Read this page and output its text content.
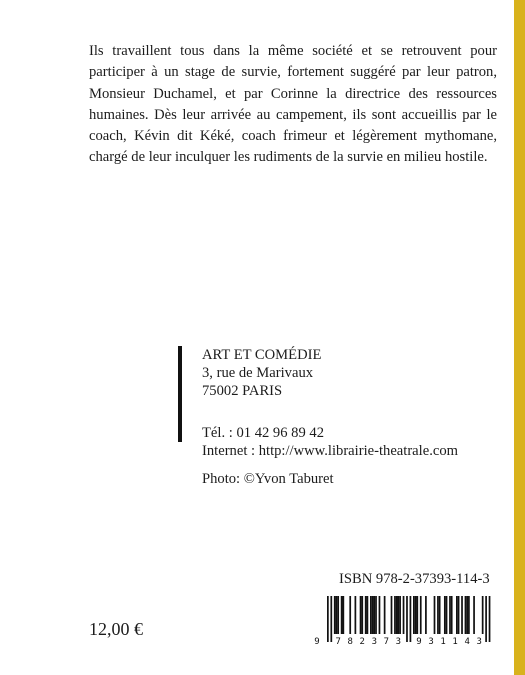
Ils travaillent tous dans la même société et se retrouvent pour participer à un stage de survie, fortement suggéré par leur patron, Monsieur Duchamel, et par Corinne la directrice des ressources humaines. Dès leur arrivée au campement, ils sont accueillis par le coach, Kévin dit Kéké, coach frimeur et légèrement mythomane, chargé de leur inculquer les rudiments de la survie en milieu hostile.

ART ET COMÉDIE
3, rue de Marivaux
75002 PARIS
Tél. : 01 42 96 89 42
Internet : http://www.librairie-theatrale.com
Photo: ©Yvon Taburet
ISBN 978-2-37393-114-3
9 7 8 2 3 7 3 9 3 1 1 4 3
12,00 €
